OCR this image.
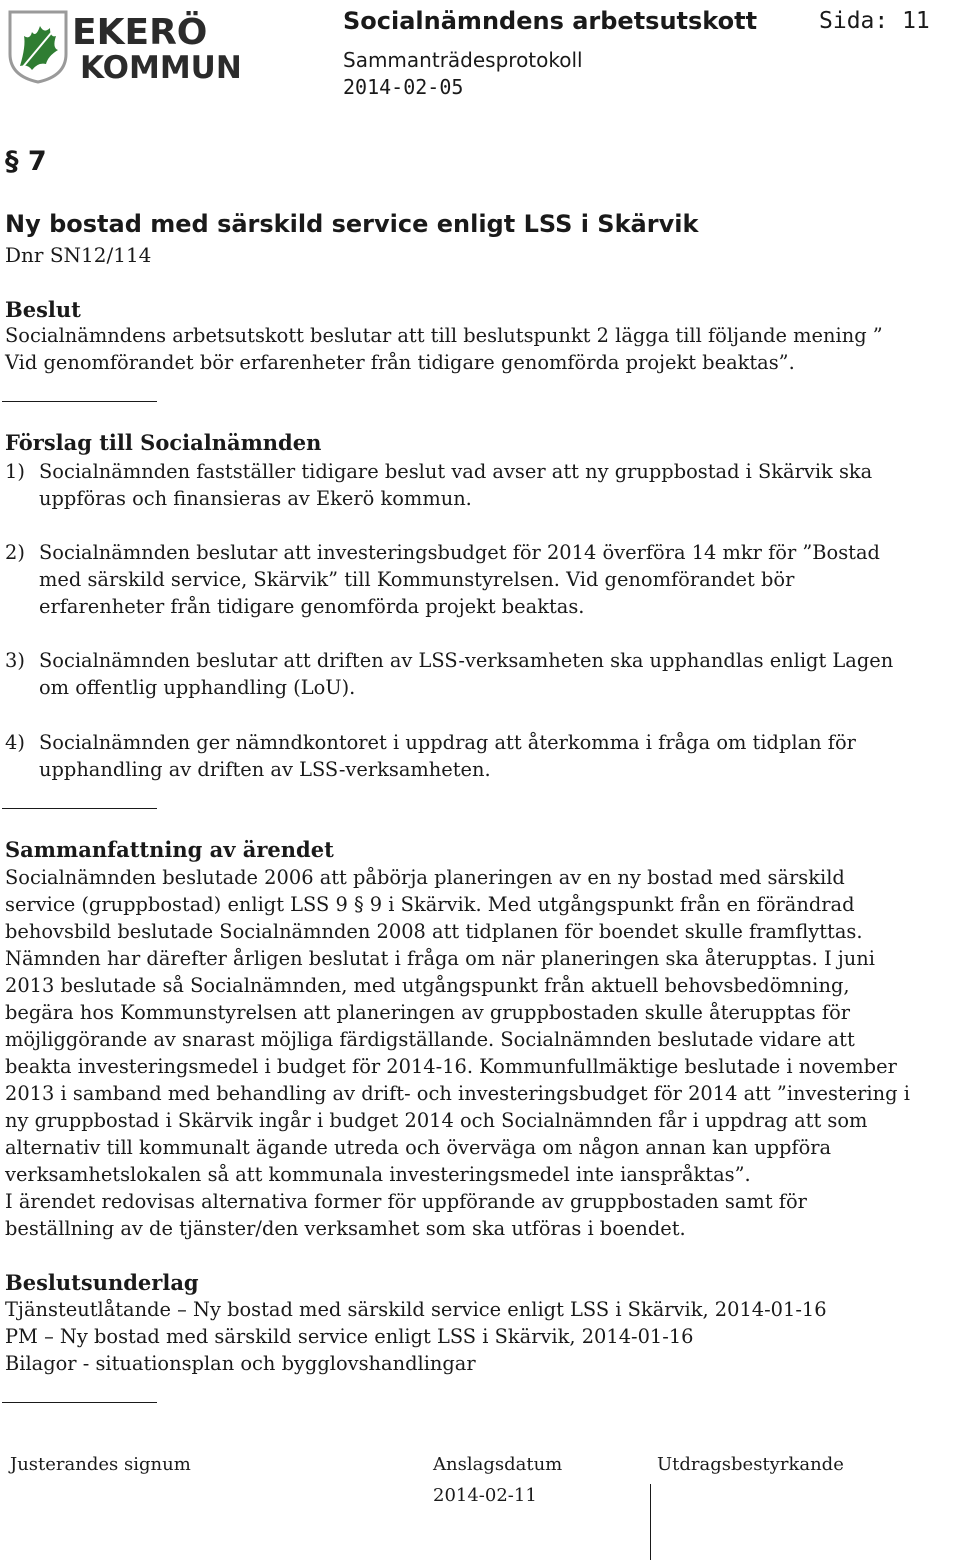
EKERÖ
KOMMUN
Socialnämndens arbetsutskott	Sida: 11
Sammanträdesprotokoll
2014-02-05
§ 7
Ny bostad med särskild service enligt LSS i Skärvik
Dnr SN12/114
Beslut
Socialnämndens arbetsutskott beslutar att till beslutspunkt 2 lägga till följande mening ”
Vid genomförandet bör erfarenheter från tidigare genomförda projekt beaktas”.
Förslag till Socialnämnden
1) Socialnämnden fastställer tidigare beslut vad avser att ny gruppbostad i Skärvik ska
uppföras och finansieras av Ekerö kommun.
2) Socialnämnden beslutar att investeringsbudget för 2014 överföra 14 mkr för ”Bostad
med särskild service, Skärvik” till Kommunstyrelsen. Vid genomförandet bör
erfarenheter från tidigare genomförda projekt beaktas.
3) Socialnämnden beslutar att driften av LSS-verksamheten ska upphandlas enligt Lagen
om offentlig upphandling (LoU).
4) Socialnämnden ger nämndkontoret i uppdrag att återkomma i fråga om tidplan för
upphandling av driften av LSS-verksamheten.
Sammanfattning av ärendet
Socialnämnden beslutade 2006 att påbörja planeringen av en ny bostad med särskild
service (gruppbostad) enligt LSS 9 § 9 i Skärvik. Med utgångspunkt från en förändrad
behovsbild beslutade Socialnämnden 2008 att tidplanen för boendet skulle framflyttas.
Nämnden har därefter årligen beslutat i fråga om när planeringen ska återupptas. I juni
2013 beslutade så Socialnämnden, med utgångspunkt från aktuell behovsbedömning,
begära hos Kommunstyrelsen att planeringen av gruppbostaden skulle återupptas för
möjliggörande av snarast möjliga färdigställande. Socialnämnden beslutade vidare att
beakta investeringsmedel i budget för 2014-16. Kommunfullmäktige beslutade i november
2013 i samband med behandling av drift- och investeringsbudget för 2014 att ”investering i
ny gruppbostad i Skärvik ingår i budget 2014 och Socialnämnden får i uppdrag att som
alternativ till kommunalt ägande utreda och överväga om någon annan kan uppföra
verksamhetslokalen så att kommunala investeringsmedel inte ianspråktas”.
I ärendet redovisas alternativa former för uppförande av gruppbostaden samt för
beställning av de tjänster/den verksamhet som ska utföras i boendet.
Beslutsunderlag
Tjänsteutlåtande – Ny bostad med särskild service enligt LSS i Skärvik, 2014-01-16
PM – Ny bostad med särskild service enligt LSS i Skärvik, 2014-01-16
Bilagor - situationsplan och bygglovshandlingar
Justerandes signum	Anslagsdatum
2014-02-11
Utdragsbestyrkande
